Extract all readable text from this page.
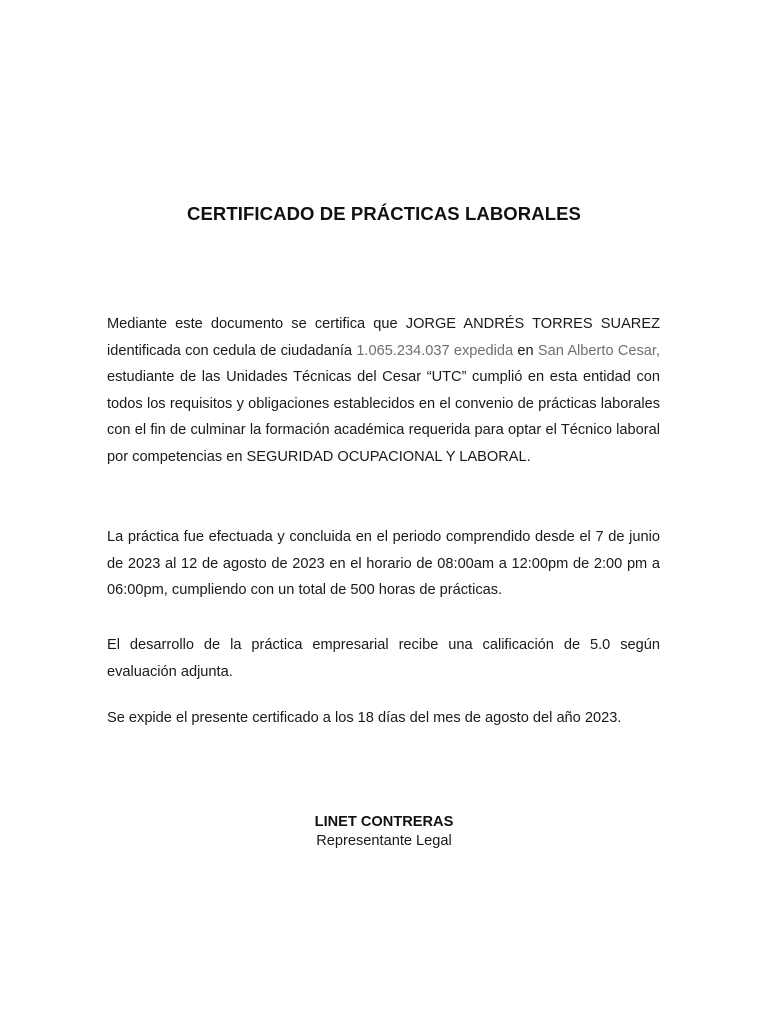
CERTIFICADO DE PRÁCTICAS LABORALES

Mediante este documento se certifica que JORGE ANDRÉS TORRES SUAREZ identificada con cedula de ciudadanía 1.065.234.037 expedida en San Alberto Cesar, estudiante de las Unidades Técnicas del Cesar “UTC” cumplió en esta entidad con todos los requisitos y obligaciones establecidos en el convenio de prácticas laborales con el fin de culminar la formación académica requerida para optar el Técnico laboral por competencias en SEGURIDAD OCUPACIONAL Y LABORAL.

La práctica fue efectuada y concluida en el periodo comprendido desde el 7 de junio de 2023 al 12 de agosto de 2023 en el horario de 08:00am a 12:00pm de 2:00 pm a 06:00pm, cumpliendo con un total de 500 horas de prácticas.

El desarrollo de la práctica empresarial recibe una calificación de 5.0 según evaluación adjunta.

Se expide el presente certificado a los 18 días del mes de agosto del año 2023.

LINET CONTRERAS
Representante Legal
